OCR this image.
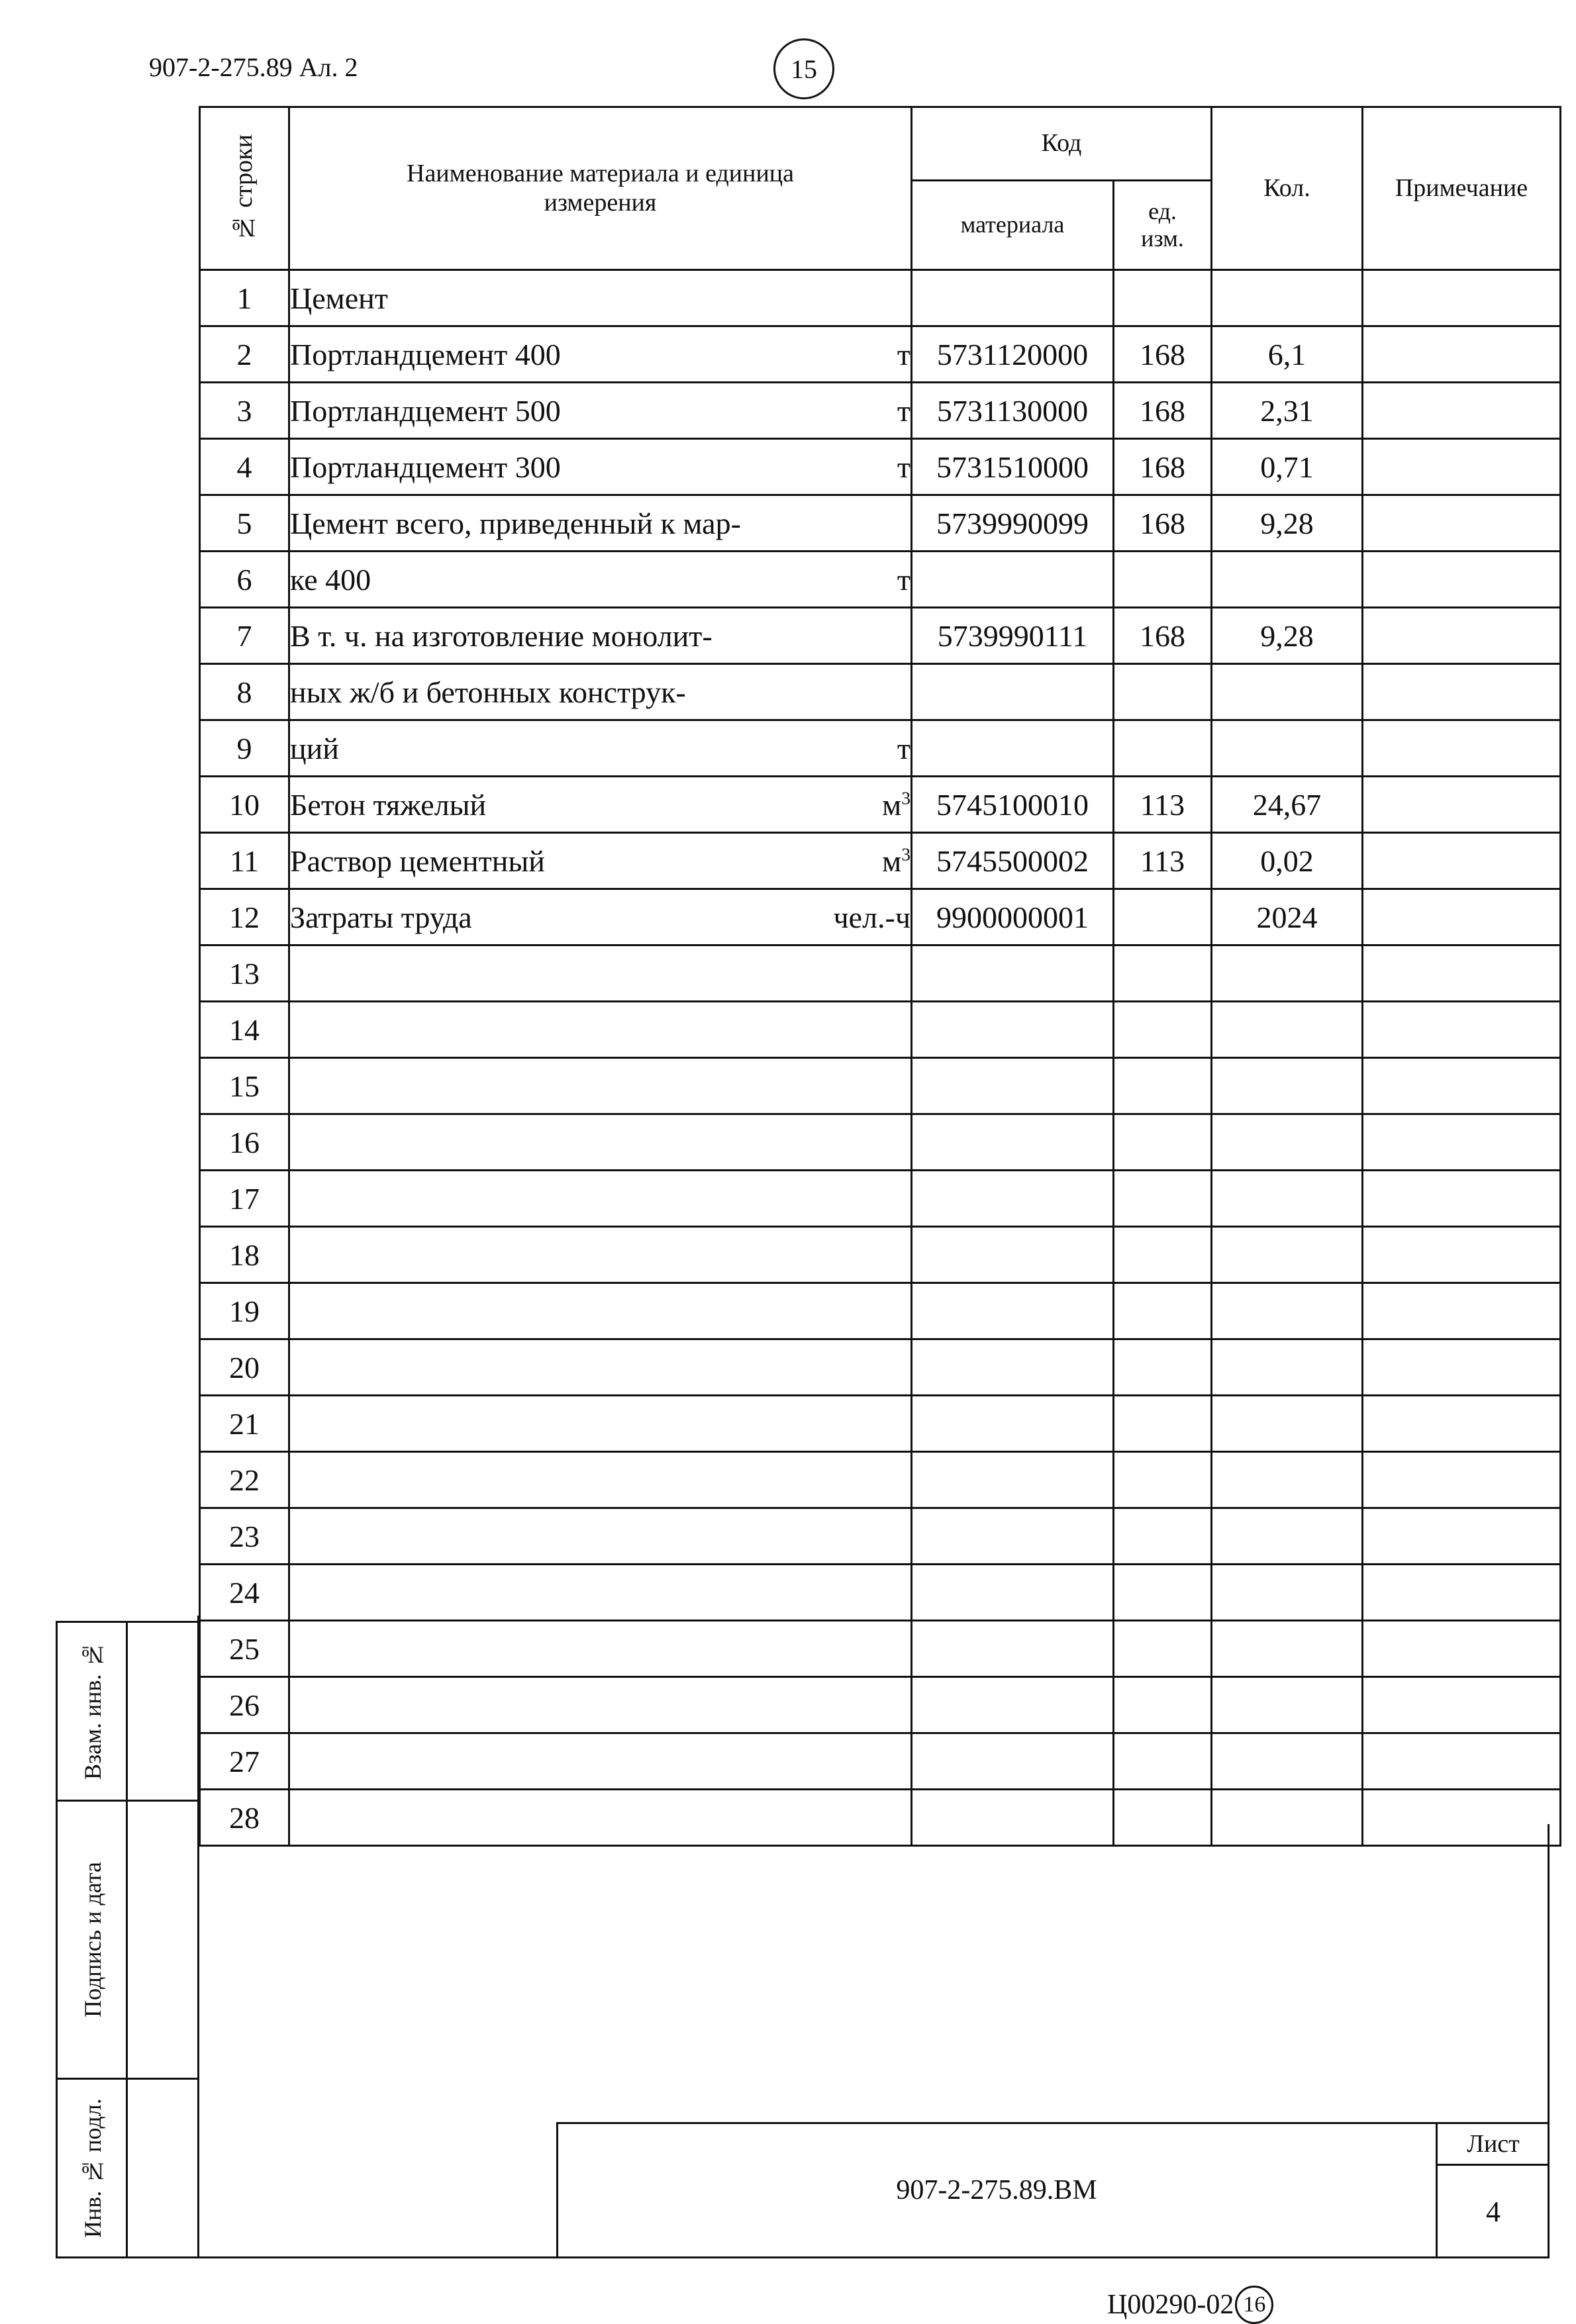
907-2-275.89 Ал. 2	15
№ строки	Наименование материала и единица измерения	Код		Кол.	Примечание
		материала	ед. изм.		
1	Цемент				

2	Портландцемент 400 т	5731120000	168	6,1	
3	Портландцемент 500 т	5731130000	168	2,31	
4	Портландцемент 300 т	5731510000	168	0,71	
5	Цемент всего, приведенный к мар-	5739990099	168	9,28	
6	ке 400 т				

7	В т. ч. на изготовление монолит-	5739990111	168	9,28	
8	ных ж/б и бетонных конструк-				

9	ций т				

10	Бетон тяжелый $м^3$	5745100010	113	24,67	
11	Раствор цементный $м^3$	5745500002	113	0,02	
12	Затраты труда чел.-ч	9900000001		2024	
13	

14	

15	

16	

17	

18	

19	

20	

21	

22	

23	

24	

25	

26	

27	

28	

Взам. инв. №
Подпись и дата
Инв. № подл.	907-2-275.89.ВМ
Лист
4
Ц00290-02 16
